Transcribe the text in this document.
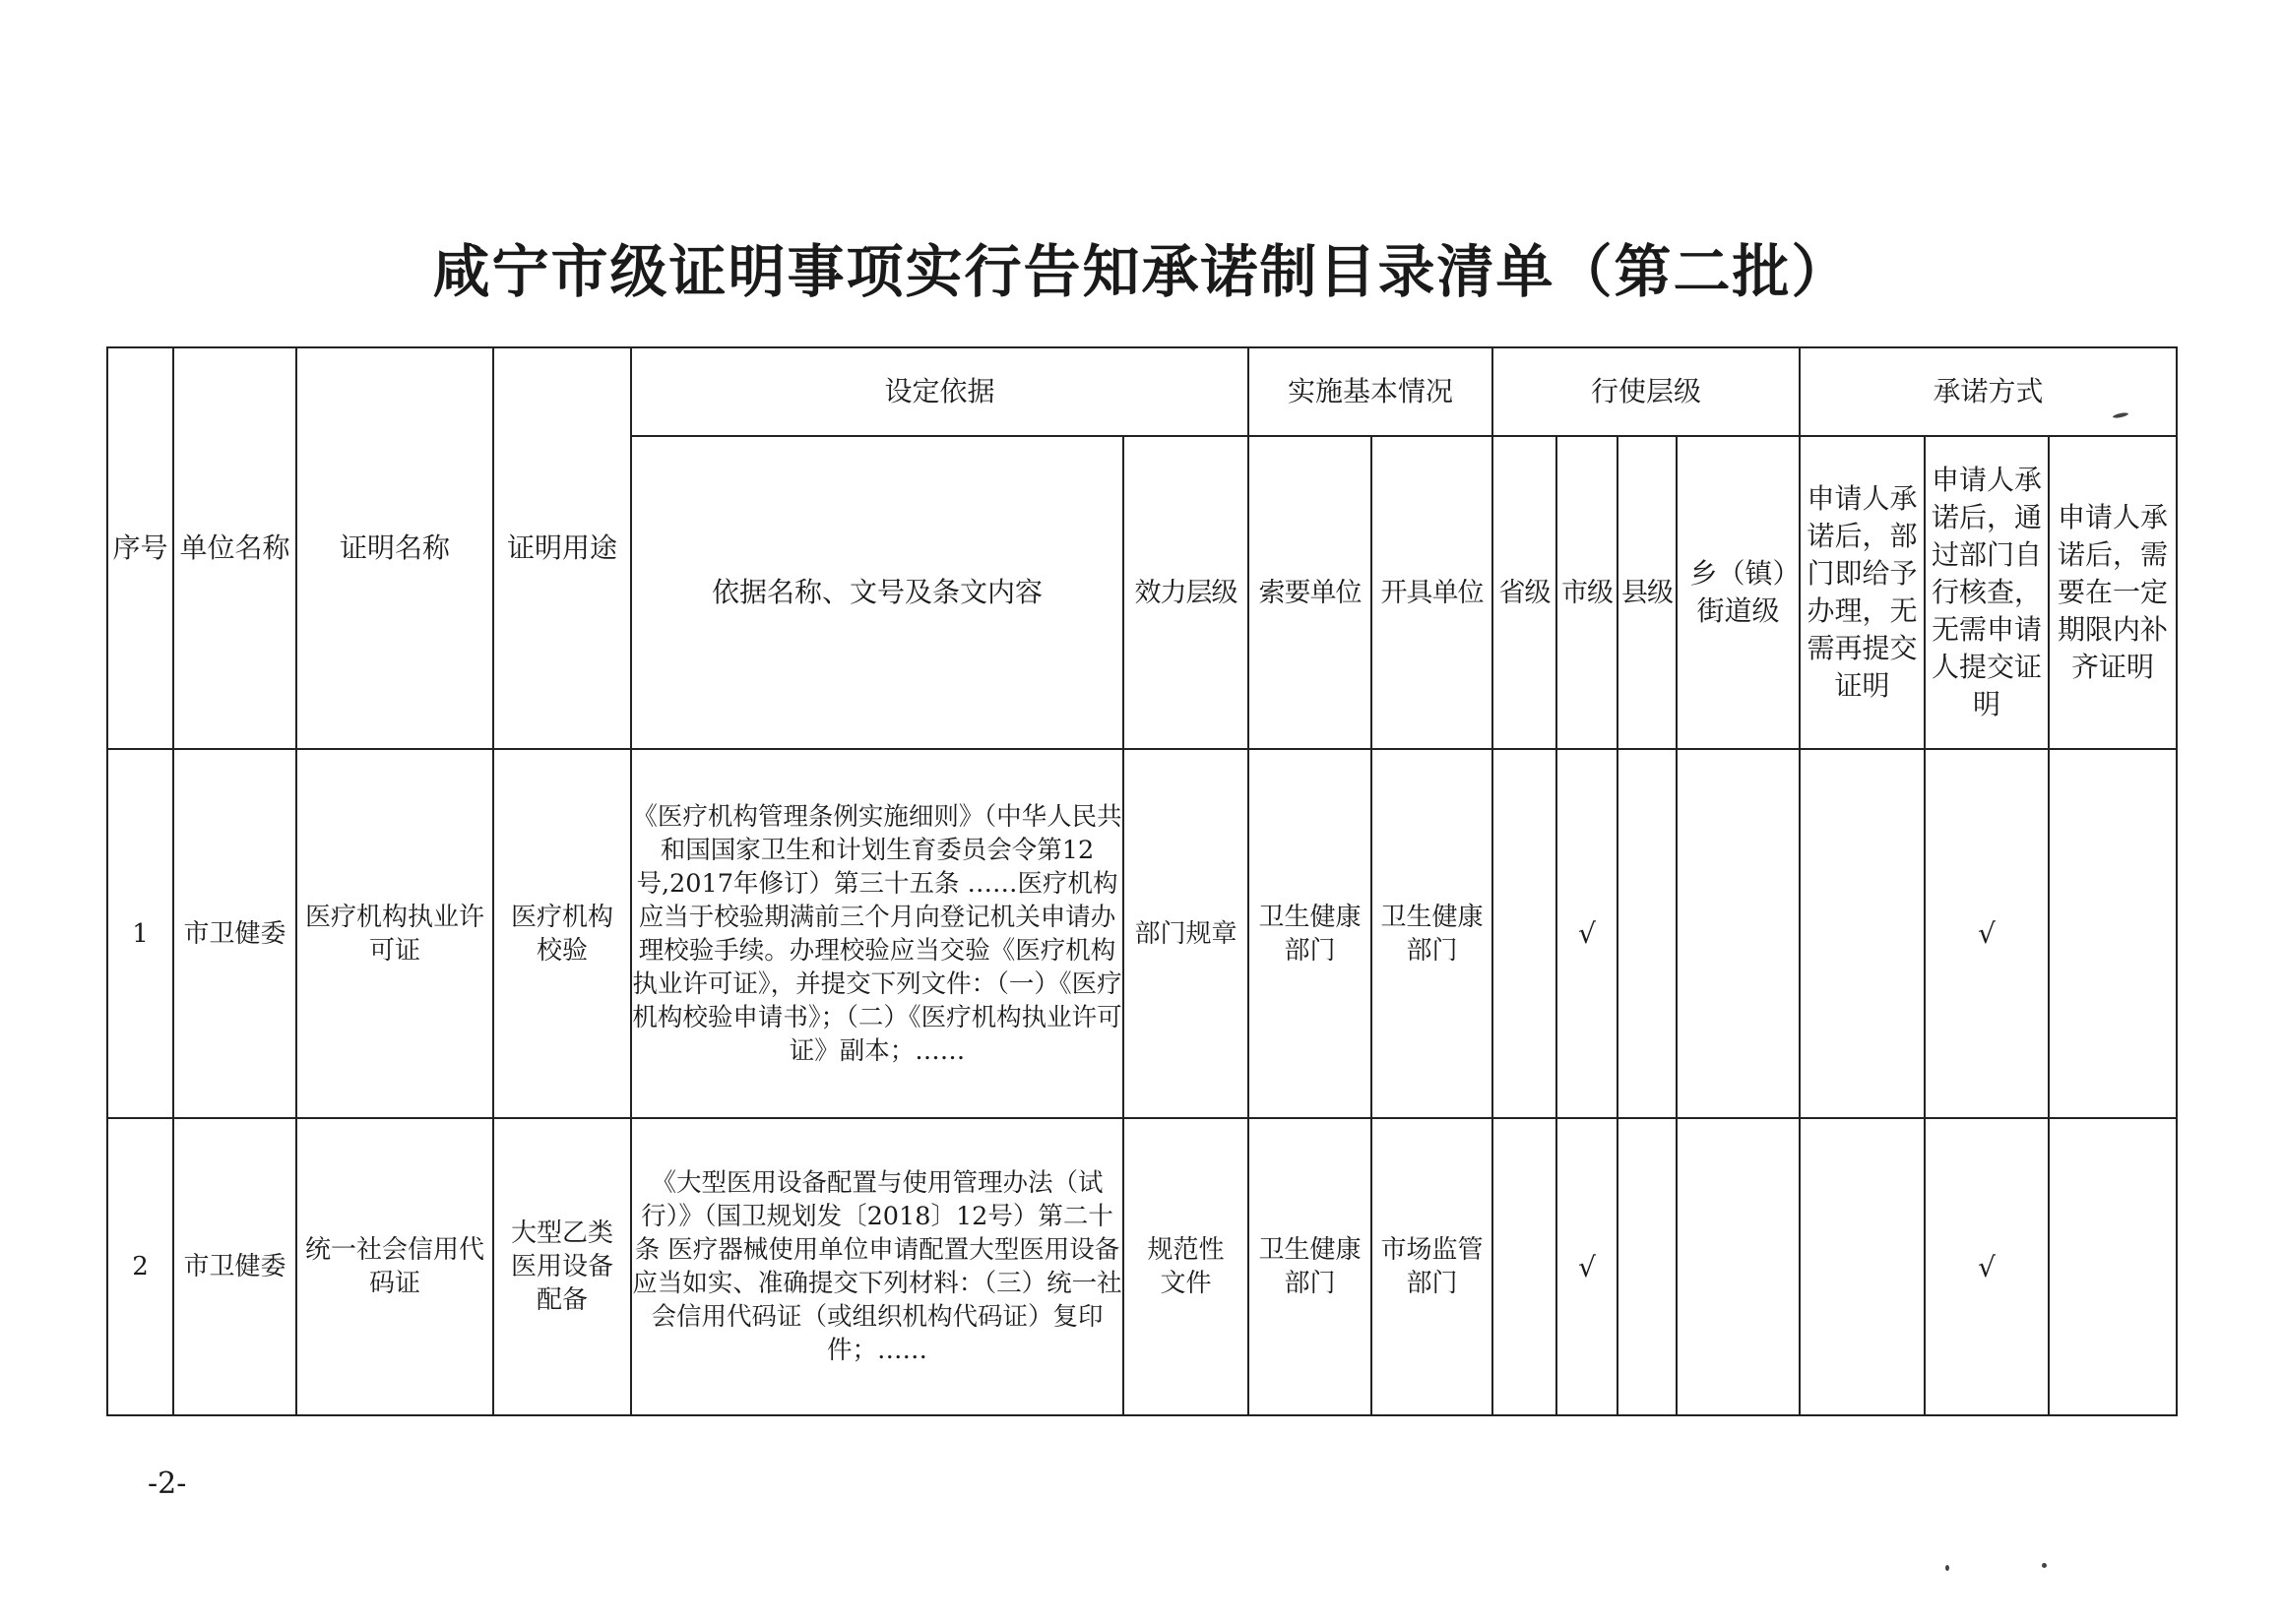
咸宁市级证明事项实行告知承诺制目录清单（第二批）
序号	单位名称	证明名称	证明用途	设定依据		实施基本情况		行使层级				承诺方式		
				依据名称、文号及条文内容	效力层级	索要单位	开具单位	省级	市级	县级	乡（镇）街道级	申请人承诺后，部门即给予办理，无需再提交证明	申请人承诺后，通过部门自行核查，无需申请人提交证明	申请人承诺后，需要在一定期限内补齐证明
1	市卫健委	医疗机构执业许可证	医疗机构校验	《医疗机构管理条例实施细则》（中华人民共和国国家卫生和计划生育委员会令第12号,2017年修订）第三十五条 ……医疗机构应当于校验期满前三个月向登记机关申请办理校验手续。办理校验应当交验《医疗机构执业许可证》，并提交下列文件：（一）《医疗机构校验申请书》；（二）《医疗机构执业许可证》副本；……	部门规章	卫生健康部门	卫生健康部门		√				√	
2	市卫健委	统一社会信用代码证	大型乙类医用设备配备	《大型医用设备配置与使用管理办法（试行）》（国卫规划发〔2018〕12号）第二十条 医疗器械使用单位申请配置大型医用设备应当如实、准确提交下列材料：（三）统一社会信用代码证（或组织机构代码证）复印件；……	规范性文件	卫生健康部门	市场监管部门		√				√	
-2-
